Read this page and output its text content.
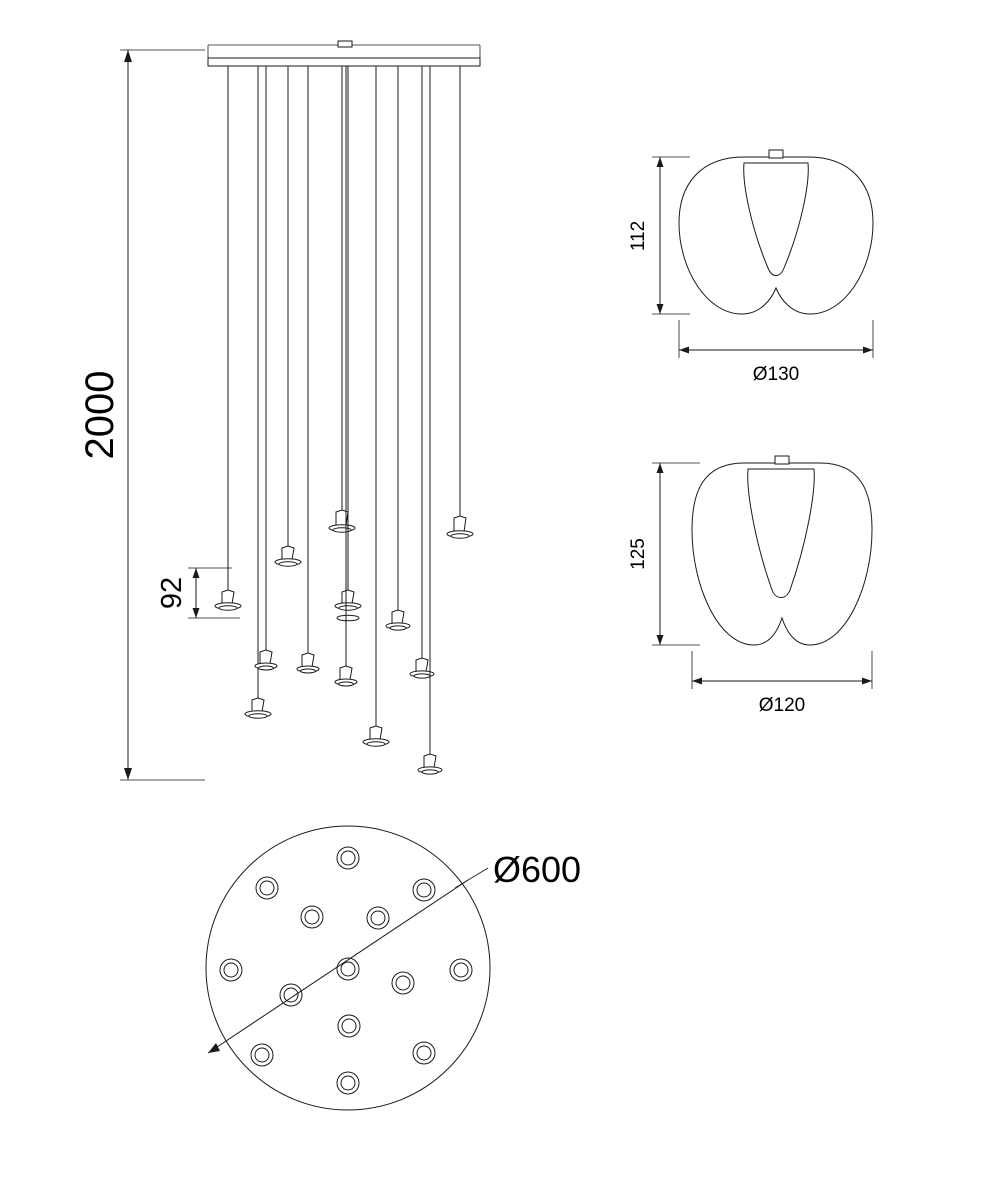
2000
92
112
Ø130
125
Ø120
Ø600
